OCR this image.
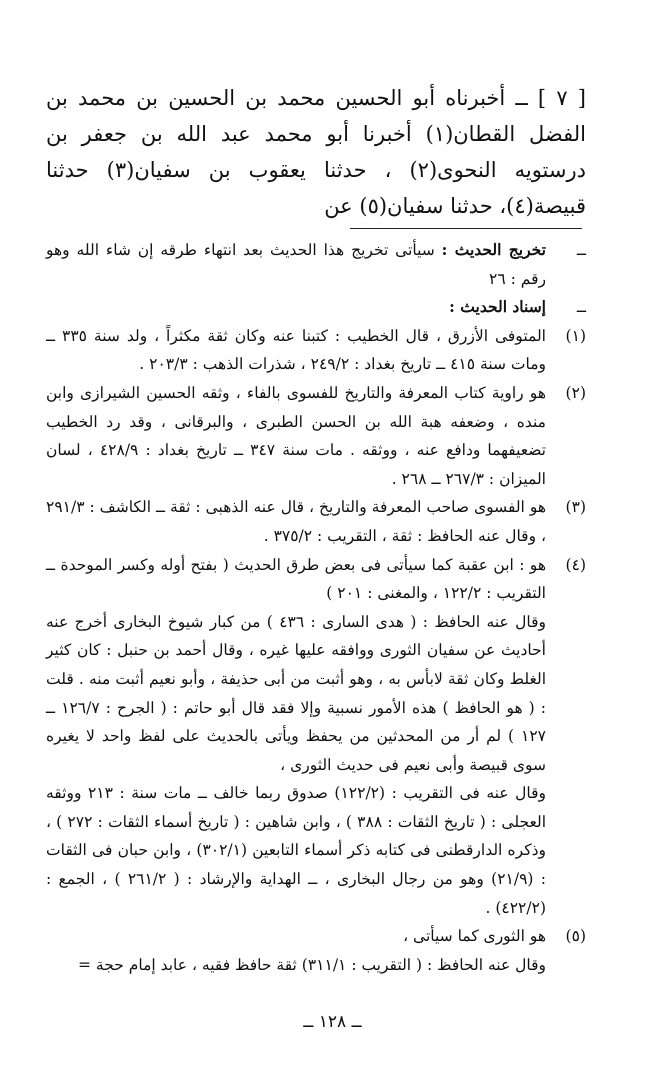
[ ٧ ] ــ أخبرناه أبو الحسين محمد بن الحسين بن محمد بن الفضل القطان(١) أخبرنا أبو محمد عبد الله بن جعفر بن درستويه النحوى(٢) ، حدثنا يعقوب بن سفيان(٣) حدثنا قبيصة(٤)، حدثنا سفيان(٥) عن

ــ
تخريج الحديث : سيأتى تخريج هذا الحديث بعد انتهاء طرقه إن شاء الله وهو رقم : ٢٦
ــ
إسناد الحديث :
(١)
المتوفى الأزرق ، قال الخطيب : كتبنا عنه وكان ثقة مكثراً ، ولد سنة ٣٣٥ ــ ومات سنة ٤١٥ ــ تاريخ بغداد : ٢٤٩/٢ ، شذرات الذهب : ٢٠٣/٣ .
(٢)
هو راوية كتاب المعرفة والتاريخ للفسوى بالفاء ، وثقه الحسين الشيرازى وابن منده ، وضعفه هبة الله بن الحسن الطبرى ، والبرقانى ، وقد رد الخطيب تضعيفهما ودافع عنه ، ووثقه . مات سنة ٣٤٧ ــ تاريخ بغداد : ٤٢٨/٩ ، لسان الميزان : ٢٦٧/٣ ــ ٢٦٨ .
(٣)
هو الفسوى صاحب المعرفة والتاريخ ، قال عنه الذهبى : ثقة ــ الكاشف : ٢٩١/٣ ، وقال عنه الحافظ : ثقة ، التقريب : ٣٧٥/٢ .
(٤)
هو : ابن عقبة كما سيأتى فى بعض طرق الحديث ( بفتح أوله وكسر الموحدة ــ التقريب : ١٢٢/٢ ، والمغنى : ٢٠١ )

وقال عنه الحافظ : ( هدى السارى : ٤٣٦ ) من كبار شيوخ البخارى أخرج عنه أحاديث عن سفيان الثورى ووافقه عليها غيره ، وقال أحمد بن حنبل : كان كثير الغلط وكان ثقة لابأس به ، وهو أثبت من أبى حذيفة ، وأبو نعيم أثبت منه . قلت : ( هو الحافظ ) هذه الأمور نسبية وإلا فقد قال أبو حاتم : ( الجرح : ١٢٦/٧ ــ ١٢٧ ) لم أر من المحدثين من يحفظ ويأتى بالحديث على لفظ واحد لا يغيره سوى قبيصة وأبى نعيم فى حديث الثورى ،

وقال عنه فى التقريب : (١٢٢/٢) صدوق ربما خالف ــ مات سنة : ٢١٣ ووثقه العجلى : ( تاريخ الثقات : ٣٨٨ ) ، وابن شاهين : ( تاريخ أسماء الثقات : ٢٧٢ ) ، وذكره الدارقطنى فى كتابه ذكر أسماء التابعين (٣٠٢/١) ، وابن حبان فى الثقات : (٢١/٩) وهو من رجال البخارى ، ــ الهداية والإرشاد : ( ٢٦١/٢ ) ، الجمع : (٤٢٢/٢) .

(٥)
هو الثورى كما سيأتى ،

وقال عنه الحافظ : ( التقريب : ٣١١/١) ثقة حافظ فقيه ، عابد إمام حجة =

ــ ١٢٨ ــ
